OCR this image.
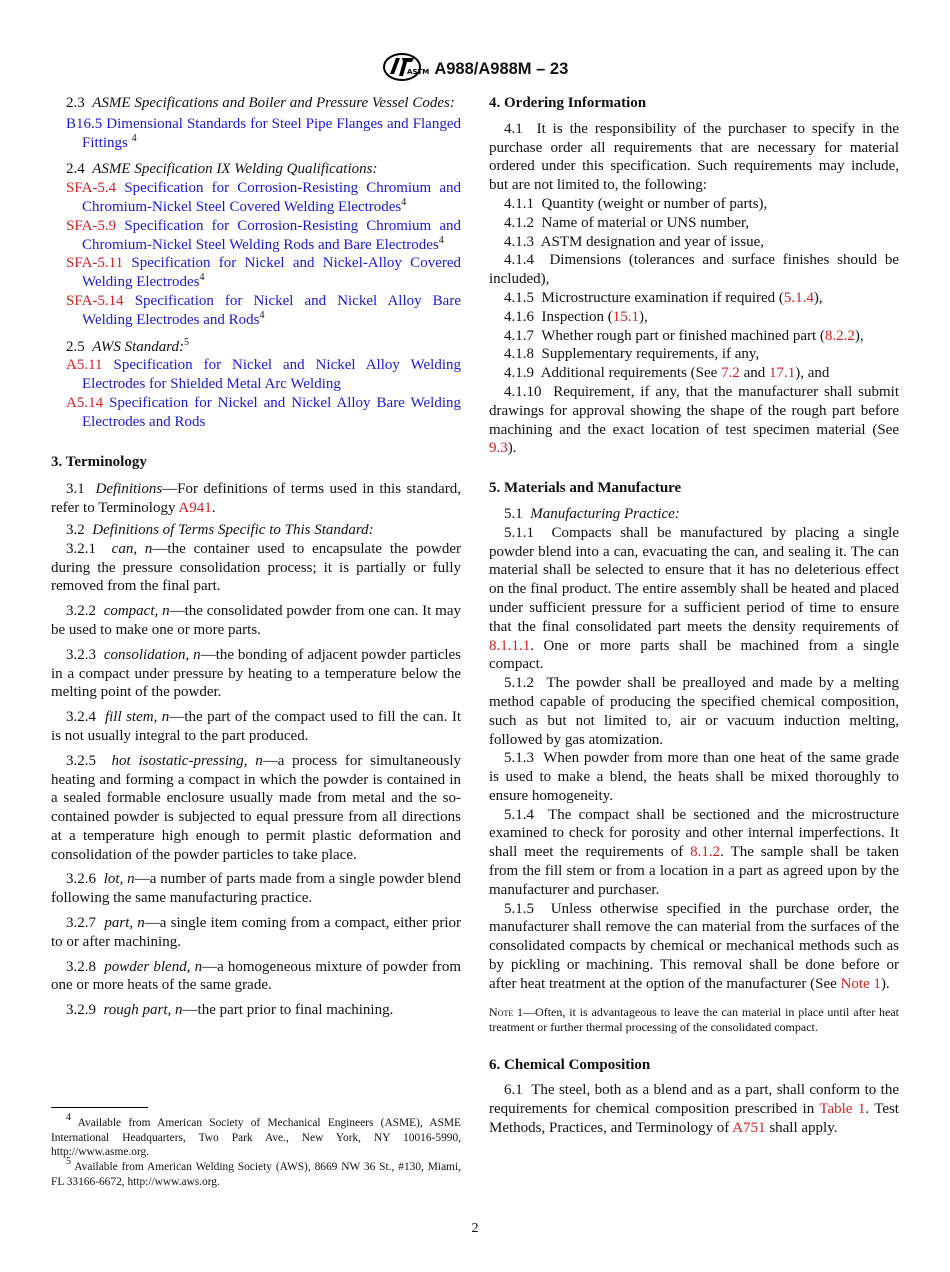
ASTM A988/A988M – 23

2.3 ASME Specifications and Boiler and Pressure Vessel Codes:

B16.5 Dimensional Standards for Steel Pipe Flanges and Flanged Fittings $^4$

2.4 ASME Specification IX Welding Qualifications:

SFA-5.4 Specification for Corrosion-Resisting Chromium and Chromium-Nickel Steel Covered Welding Electrodes$^4$

SFA-5.9 Specification for Corrosion-Resisting Chromium and Chromium-Nickel Steel Welding Rods and Bare Electrodes$^4$

SFA-5.11 Specification for Nickel and Nickel-Alloy Covered Welding Electrodes$^4$

SFA-5.14 Specification for Nickel and Nickel Alloy Bare Welding Electrodes and Rods$^4$

2.5 AWS Standard:$^5$

A5.11 Specification for Nickel and Nickel Alloy Welding Electrodes for Shielded Metal Arc Welding

A5.14 Specification for Nickel and Nickel Alloy Bare Welding Electrodes and Rods

3. Terminology

3.1 Definitions—For definitions of terms used in this standard, refer to Terminology A941.

3.2 Definitions of Terms Specific to This Standard:

3.2.1 can, n—the container used to encapsulate the powder during the pressure consolidation process; it is partially or fully removed from the final part.

3.2.2 compact, n—the consolidated powder from one can. It may be used to make one or more parts.

3.2.3 consolidation, n—the bonding of adjacent powder particles in a compact under pressure by heating to a temperature below the melting point of the powder.

3.2.4 fill stem, n—the part of the compact used to fill the can. It is not usually integral to the part produced.

3.2.5 hot isostatic-pressing, n—a process for simultaneously heating and forming a compact in which the powder is contained in a sealed formable enclosure usually made from metal and the so-contained powder is subjected to equal pressure from all directions at a temperature high enough to permit plastic deformation and consolidation of the powder particles to take place.

3.2.6 lot, n—a number of parts made from a single powder blend following the same manufacturing practice.

3.2.7 part, n—a single item coming from a compact, either prior to or after machining.

3.2.8 powder blend, n—a homogeneous mixture of powder from one or more heats of the same grade.

3.2.9 rough part, n—the part prior to final machining.

4. Ordering Information

4.1 It is the responsibility of the purchaser to specify in the purchase order all requirements that are necessary for material ordered under this specification. Such requirements may include, but are not limited to, the following:

4.1.1 Quantity (weight or number of parts),

4.1.2 Name of material or UNS number,

4.1.3 ASTM designation and year of issue,

4.1.4 Dimensions (tolerances and surface finishes should be included),

4.1.5 Microstructure examination if required (5.1.4),

4.1.6 Inspection (15.1),

4.1.7 Whether rough part or finished machined part (8.2.2),

4.1.8 Supplementary requirements, if any,

4.1.9 Additional requirements (See 7.2 and 17.1), and

4.1.10 Requirement, if any, that the manufacturer shall submit drawings for approval showing the shape of the rough part before machining and the exact location of test specimen material (See 9.3).

5. Materials and Manufacture

5.1 Manufacturing Practice:

5.1.1 Compacts shall be manufactured by placing a single powder blend into a can, evacuating the can, and sealing it. The can material shall be selected to ensure that it has no deleterious effect on the final product. The entire assembly shall be heated and placed under sufficient pressure for a sufficient period of time to ensure that the final consolidated part meets the density requirements of 8.1.1.1. One or more parts shall be machined from a single compact.

5.1.2 The powder shall be prealloyed and made by a melting method capable of producing the specified chemical composition, such as but not limited to, air or vacuum induction melting, followed by gas atomization.

5.1.3 When powder from more than one heat of the same grade is used to make a blend, the heats shall be mixed thoroughly to ensure homogeneity.

5.1.4 The compact shall be sectioned and the microstructure examined to check for porosity and other internal imperfections. It shall meet the requirements of 8.1.2. The sample shall be taken from the fill stem or from a location in a part as agreed upon by the manufacturer and purchaser.

5.1.5 Unless otherwise specified in the purchase order, the manufacturer shall remove the can material from the surfaces of the consolidated compacts by chemical or mechanical methods such as by pickling or machining. This removal shall be done before or after heat treatment at the option of the manufacturer (See Note 1).

Note 1—Often, it is advantageous to leave the can material in place until after heat treatment or further thermal processing of the consolidated compact.

6. Chemical Composition

6.1 The steel, both as a blend and as a part, shall conform to the requirements for chemical composition prescribed in Table 1. Test Methods, Practices, and Terminology of A751 shall apply.

$^4$ Available from American Society of Mechanical Engineers (ASME), ASME International Headquarters, Two Park Ave., New York, NY 10016-5990, http://www.asme.org.

$^5$ Available from American Welding Society (AWS), 8669 NW 36 St., #130, Miami, FL 33166-6672, http://www.aws.org.

2
